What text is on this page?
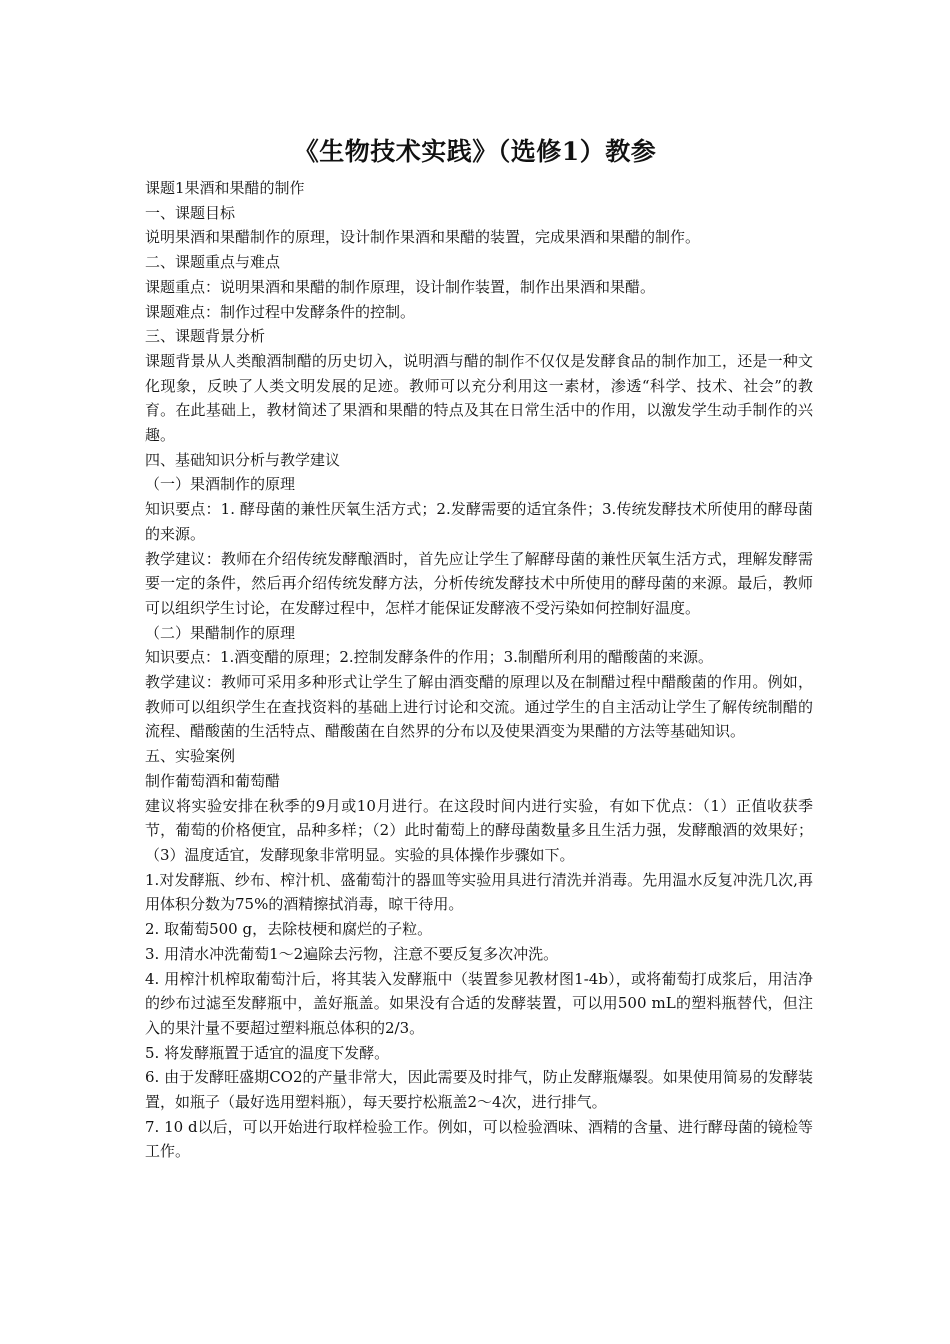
《生物技术实践》（选修1）教参

课题1果酒和果醋的制作

一、课题目标

说明果酒和果醋制作的原理，设计制作果酒和果醋的装置，完成果酒和果醋的制作。

二、课题重点与难点

课题重点：说明果酒和果醋的制作原理，设计制作装置，制作出果酒和果醋。

课题难点：制作过程中发酵条件的控制。

三、课题背景分析

课题背景从人类酿酒制醋的历史切入，说明酒与醋的制作不仅仅是发酵食品的制作加工，还是一种文化现象，反映了人类文明发展的足迹。教师可以充分利用这一素材，渗透“科学、技术、社会”的教育。在此基础上，教材简述了果酒和果醋的特点及其在日常生活中的作用，以激发学生动手制作的兴趣。

四、基础知识分析与教学建议

（一）果酒制作的原理

知识要点：1. 酵母菌的兼性厌氧生活方式；2.发酵需要的适宜条件；3.传统发酵技术所使用的酵母菌的来源。

教学建议：教师在介绍传统发酵酿酒时，首先应让学生了解酵母菌的兼性厌氧生活方式，理解发酵需要一定的条件，然后再介绍传统发酵方法，分析传统发酵技术中所使用的酵母菌的来源。最后，教师可以组织学生讨论，在发酵过程中，怎样才能保证发酵液不受污染如何控制好温度。

（二）果醋制作的原理

知识要点：1.酒变醋的原理；2.控制发酵条件的作用；3.制醋所利用的醋酸菌的来源。

教学建议：教师可采用多种形式让学生了解由酒变醋的原理以及在制醋过程中醋酸菌的作用。例如，教师可以组织学生在查找资料的基础上进行讨论和交流。通过学生的自主活动让学生了解传统制醋的流程、醋酸菌的生活特点、醋酸菌在自然界的分布以及使果酒变为果醋的方法等基础知识。

五、实验案例

制作葡萄酒和葡萄醋

建议将实验安排在秋季的9月或10月进行。在这段时间内进行实验，有如下优点：（1）正值收获季节，葡萄的价格便宜，品种多样；（2）此时葡萄上的酵母菌数量多且生活力强，发酵酿酒的效果好；（3）温度适宜，发酵现象非常明显。实验的具体操作步骤如下。

1.对发酵瓶、纱布、榨汁机、盛葡萄汁的器皿等实验用具进行清洗并消毒。先用温水反复冲洗几次,再用体积分数为75%的酒精擦拭消毒，晾干待用。

2. 取葡萄500 g，去除枝梗和腐烂的子粒。

3. 用清水冲洗葡萄1～2遍除去污物，注意不要反复多次冲洗。

4. 用榨汁机榨取葡萄汁后，将其装入发酵瓶中（装置参见教材图1-4b），或将葡萄打成浆后，用洁净的纱布过滤至发酵瓶中，盖好瓶盖。如果没有合适的发酵装置，可以用500 mL的塑料瓶替代，但注入的果汁量不要超过塑料瓶总体积的2/3。

5. 将发酵瓶置于适宜的温度下发酵。

6. 由于发酵旺盛期CO2的产量非常大，因此需要及时排气，防止发酵瓶爆裂。如果使用简易的发酵装置，如瓶子（最好选用塑料瓶），每天要拧松瓶盖2～4次，进行排气。

7. 10 d以后，可以开始进行取样检验工作。例如，可以检验酒味、酒精的含量、进行酵母菌的镜检等工作。
